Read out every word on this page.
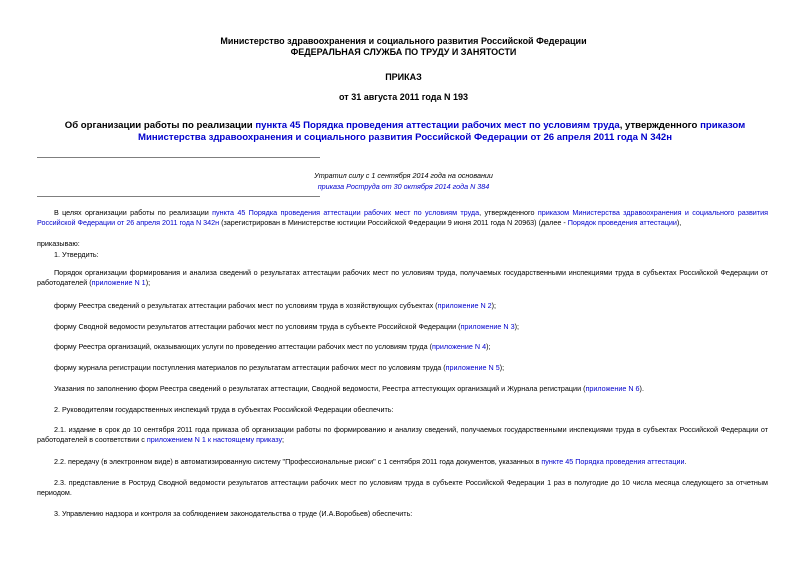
Министерство здравоохранения и социального развития Российской Федерации
ФЕДЕРАЛЬНАЯ СЛУЖБА ПО ТРУДУ И ЗАНЯТОСТИ
ПРИКАЗ
от 31 августа 2011 года N 193
Об организации работы по реализации пункта 45 Порядка проведения аттестации рабочих мест по условиям труда, утвержденного приказом Министерства здравоохранения и социального развития Российской Федерации от 26 апреля 2011 года N 342н
Утратил силу с 1 сентября 2014 года на основании
приказа Роструда от 30 октября 2014 года N 384
В целях организации работы по реализации пункта 45 Порядка проведения аттестации рабочих мест по условиям труда, утвержденного приказом Министерства здравоохранения и социального развития Российской Федерации от 26 апреля 2011 года N 342н (зарегистрирован в Министерстве юстиции Российской Федерации 9 июня 2011 года N 20963) (далее - Порядок проведения аттестации),
приказываю:
1. Утвердить:
Порядок организации формирования и анализа сведений о результатах аттестации рабочих мест по условиям труда, получаемых государственными инспекциями труда в субъектах Российской Федерации от работодателей (приложение N 1);
форму Реестра сведений о результатах аттестации рабочих мест по условиям труда в хозяйствующих субъектах (приложение N 2);
форму Сводной ведомости результатов аттестации рабочих мест по условиям труда в субъекте Российской Федерации (приложение N 3);
форму Реестра организаций, оказывающих услуги по проведению аттестации рабочих мест по условиям труда (приложение N 4);
форму журнала регистрации поступления материалов по результатам аттестации рабочих мест по условиям труда (приложение N 5);
Указания по заполнению форм Реестра сведений о результатах аттестации, Сводной ведомости, Реестра аттестующих организаций и Журнала регистрации (приложение N 6).
2. Руководителям государственных инспекций труда в субъектах Российской Федерации обеспечить:
2.1. издание в срок до 10 сентября 2011 года приказа об организации работы по формированию и анализу сведений, получаемых государственными инспекциями труда в субъектах Российской Федерации от работодателей в соответствии с приложением N 1 к настоящему приказу;
2.2. передачу (в электронном виде) в автоматизированную систему "Профессиональные риски" с 1 сентября 2011 года документов, указанных в пункте 45 Порядка проведения аттестации.
2.3. представление в Роструд Сводной ведомости результатов аттестации рабочих мест по условиям труда в субъекте Российской Федерации 1 раз в полугодие до 10 числа месяца следующего за отчетным периодом.
3. Управлению надзора и контроля за соблюдением законодательства о труде (И.А.Воробьев) обеспечить:
